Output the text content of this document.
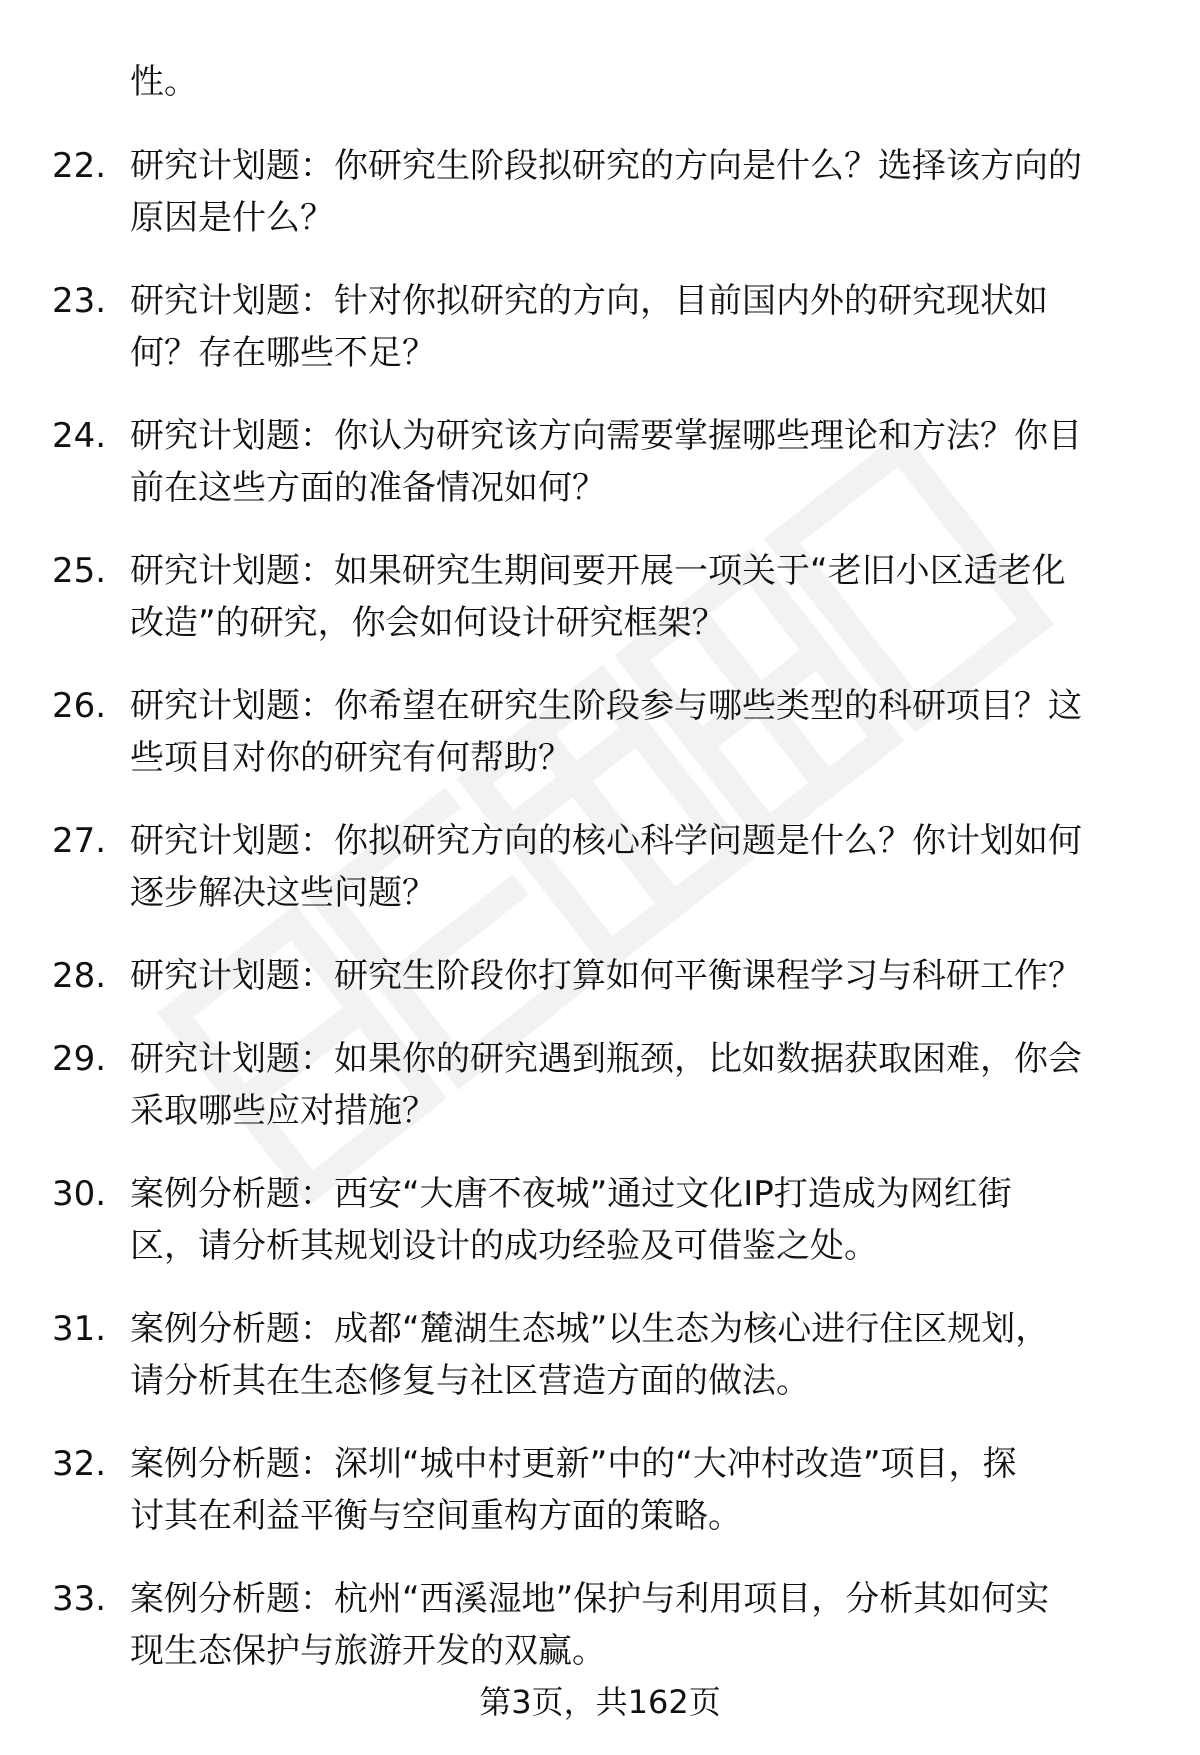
性。
22. 研究计划题：你研究生阶段拟研究的方向是什么？选择该方向的
原因是什么？
23. 研究计划题：针对你拟研究的方向，目前国内外的研究现状如
何？存在哪些不足？
24. 研究计划题：你认为研究该方向需要掌握哪些理论和方法？你目
前在这些方面的准备情况如何？
25. 研究计划题：如果研究生期间要开展一项关于“老旧小区适老化
改造”的研究，你会如何设计研究框架？
26. 研究计划题：你希望在研究生阶段参与哪些类型的科研项目？这
些项目对你的研究有何帮助？
27. 研究计划题：你拟研究方向的核心科学问题是什么？你计划如何
逐步解决这些问题？
28. 研究计划题：研究生阶段你打算如何平衡课程学习与科研工作？
29. 研究计划题：如果你的研究遇到瓶颈，比如数据获取困难，你会
采取哪些应对措施？
30. 案例分析题：西安“大唐不夜城”通过文化IP打造成为网红街
区，请分析其规划设计的成功经验及可借鉴之处。
31. 案例分析题：成都“麓湖生态城”以生态为核心进行住区规划，
请分析其在生态修复与社区营造方面的做法。
32. 案例分析题：深圳“城中村更新”中的“大冲村改造”项目，探
讨其在利益平衡与空间重构方面的策略。
33. 案例分析题：杭州“西溪湿地”保护与利用项目，分析其如何实
现生态保护与旅游开发的双赢。
第3页，共162页
